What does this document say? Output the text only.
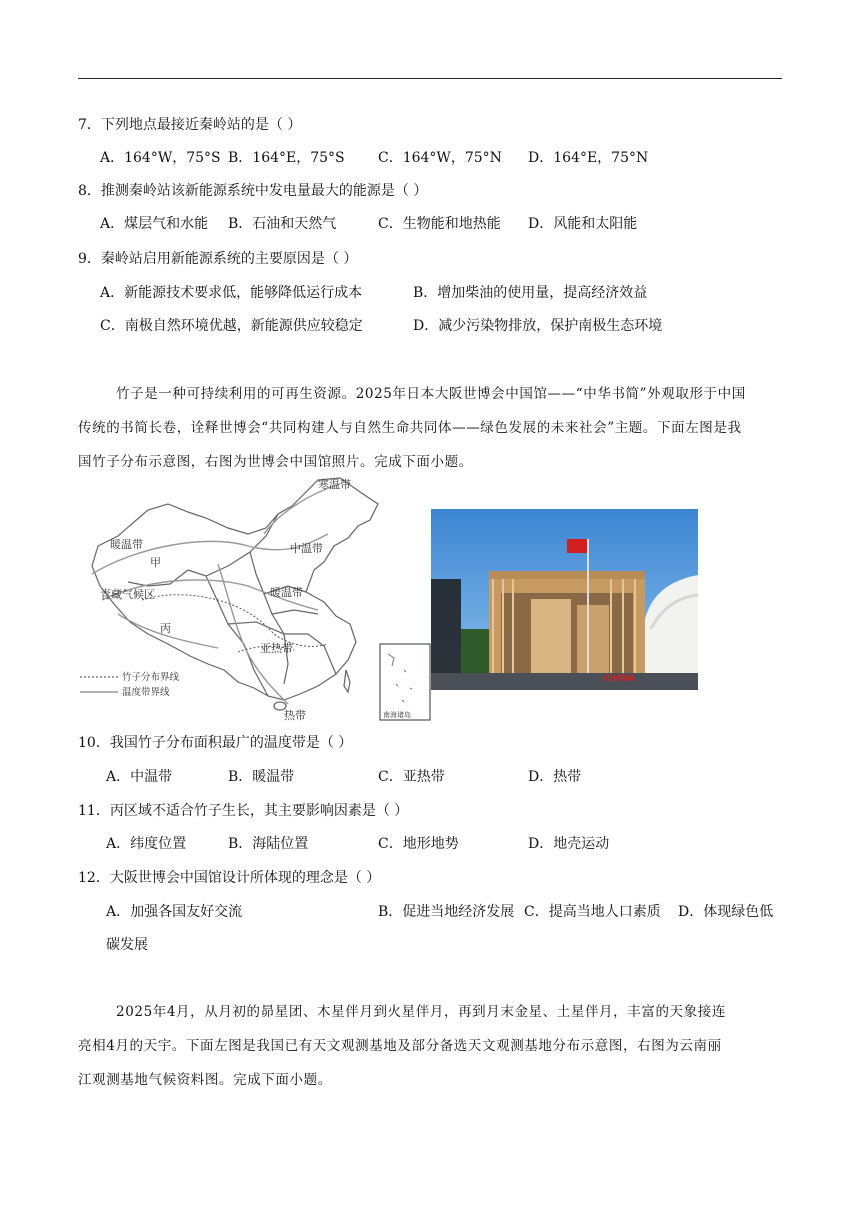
7．下列地点最接近秦岭站的是（ ）
A．164°W，75°S B．164°E，75°S C．164°W，75°N D．164°E，75°N
8．推测秦岭站该新能源系统中发电量最大的能源是（ ）
A．煤层气和水能 B．石油和天然气	C．生物能和地热能 D．风能和太阳能
9．秦岭站启用新能源系统的主要原因是（ ）
A．新能源技术要求低，能够降低运行成本	B．增加柴油的使用量，提高经济效益
C．南极自然环境优越，新能源供应较稳定	D．减少污染物排放，保护南极生态环境
竹子是一种可持续利用的可再生资源。2025年日本大阪世博会中国馆——“中华书简”外观取形于中国
传统的书简长卷，诠释世博会“共同构建人与自然生命共同体——绿色发展的未来社会”主题。下面左图是我
国竹子分布示意图，右图为世博会中国馆照片。完成下面小题。
寒温带
中温带
暖温带
甲
青藏气候区	暖温带
丙
亚热带
热带
竹子分布界线
温度带界线
南海诸岛
CHINA
10．我国竹子分布面积最广的温度带是（ ）
A．中温带	B．暖温带	C．亚热带	D．热带
11．丙区域不适合竹子生长，其主要影响因素是（ ）
A．纬度位置	B．海陆位置	C．地形地势	D．地壳运动
12．大阪世博会中国馆设计所体现的理念是（ ）
A．加强各国友好交流	B．促进当地经济发展 C．提高当地人口素质 D．体现绿色低
碳发展
2025年4月，从月初的昴星团、木星伴月到火星伴月，再到月末金星、土星伴月，丰富的天象接连
亮相4月的天宇。下面左图是我国已有天文观测基地及部分备选天文观测基地分布示意图，右图为云南丽
江观测基地气候资料图。完成下面小题。
